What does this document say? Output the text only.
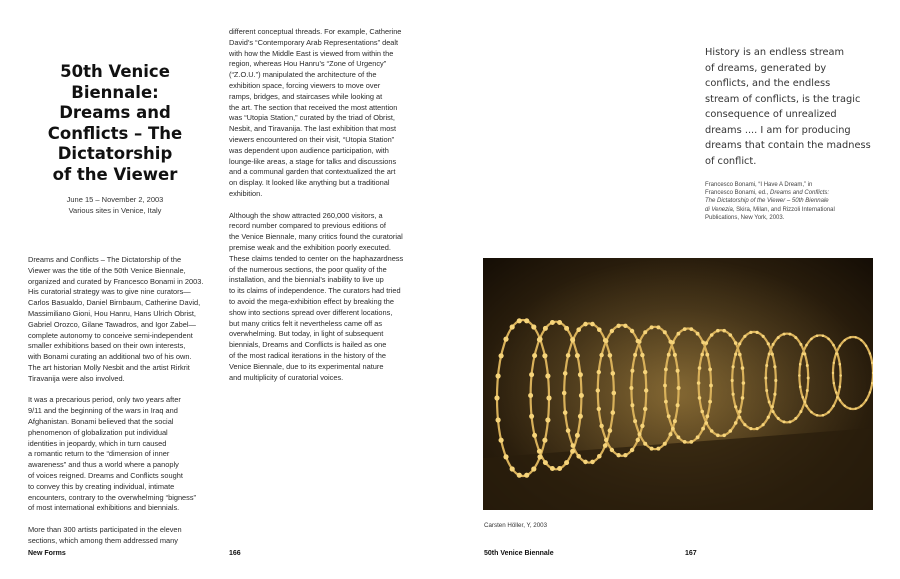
50th Venice
Biennale:
Dreams and
Conflicts – The
Dictatorship
of the Viewer
June 15 – November 2, 2003
Various sites in Venice, Italy
Dreams and Conflicts – The Dictatorship of the
Viewer was the title of the 50th Venice Biennale,
organized and curated by Francesco Bonami in 2003.
His curatorial strategy was to give nine curators—
Carlos Basualdo, Daniel Birnbaum, Catherine David,
Massimiliano Gioni, Hou Hanru, Hans Ulrich Obrist,
Gabriel Orozco, Gilane Tawadros, and Igor Zabel—
complete autonomy to conceive semi-independent
smaller exhibitions based on their own interests,
with Bonami curating an additional two of his own.
The art historian Molly Nesbit and the artist Rirkrit
Tiravanija were also involved.
It was a precarious period, only two years after
9/11 and the beginning of the wars in Iraq and
Afghanistan. Bonami believed that the social
phenomenon of globalization put individual
identities in jeopardy, which in turn caused
a romantic return to the “dimension of inner
awareness” and thus a world where a panoply
of voices reigned. Dreams and Conflicts sought
to convey this by creating individual, intimate
encounters, contrary to the overwhelming “bigness”
of most international exhibitions and biennials.
More than 300 artists participated in the eleven
sections, which among them addressed many
different conceptual threads. For example, Catherine
David’s “Contemporary Arab Representations” dealt
with how the Middle East is viewed from within the
region, whereas Hou Hanru’s “Zone of Urgency”
(“Z.O.U.”) manipulated the architecture of the
exhibition space, forcing viewers to move over
ramps, bridges, and staircases while looking at
the art. The section that received the most attention
was “Utopia Station,” curated by the triad of Obrist,
Nesbit, and Tiravanija. The last exhibition that most
viewers encountered on their visit, “Utopia Station”
was dependent upon audience participation, with
lounge-like areas, a stage for talks and discussions
and a communal garden that contextualized the art
on display. It looked like anything but a traditional
exhibition.
Although the show attracted 260,000 visitors, a
record number compared to previous editions of
the Venice Biennale, many critics found the curatorial
premise weak and the exhibition poorly executed.
These claims tended to center on the haphazardness
of the numerous sections, the poor quality of the
installation, and the biennial’s inability to live up
to its claims of independence. The curators had tried
to avoid the mega-exhibition effect by breaking the
show into sections spread over different locations,
but many critics felt it nevertheless came off as
overwhelming. But today, in light of subsequent
biennials, Dreams and Conflicts is hailed as one
of the most radical iterations in the history of the
Venice Biennale, due to its experimental nature
and multiplicity of curatorial voices.
New Forms	166
History is an endless stream
of dreams, generated by
conflicts, and the endless
stream of conflicts, is the tragic
consequence of unrealized
dreams .... I am for producing
dreams that contain the madness
of conflict.
Francesco Bonami, “I Have A Dream,” in
Francesco Bonami, ed., Dreams and Conflicts:
The Dictatorship of the Viewer – 50th Biennale
di Venezia, Skira, Milan, and Rizzoli International
Publications, New York, 2003.
Carsten Höller, Y, 2003
50th Venice Biennale	167
